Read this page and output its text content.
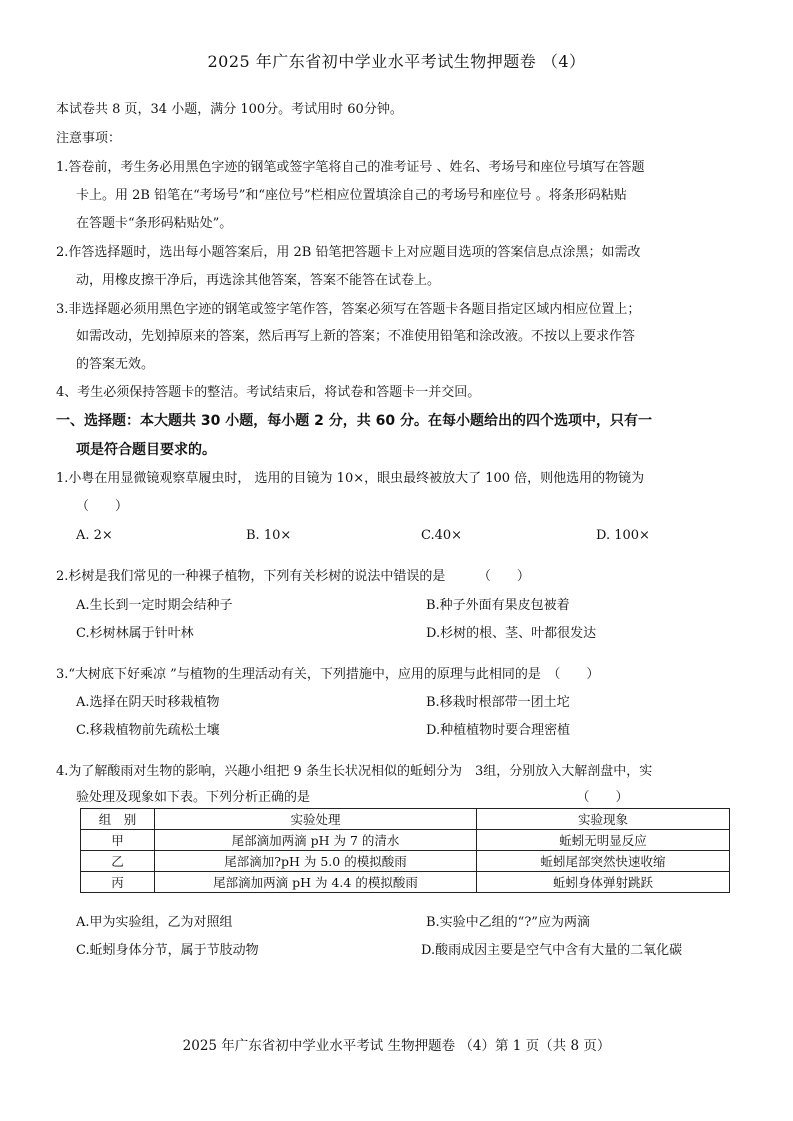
2025 年广东省初中学业水平考试生物押题卷 （4）
本试卷共 8 页，34 小题，满分 100分。考试用时 60分钟。
注意事项：
1.答卷前，考生务必用黑色字迹的钢笔或签字笔将自己的准考证号 、姓名、考场号和座位号填写在答题
卡上。用 2B 铅笔在“考场号”和“座位号”栏相应位置填涂自己的考场号和座位号 。将条形码粘贴
在答题卡“条形码粘贴处”。
2.作答选择题时，选出每小题答案后，用 2B 铅笔把答题卡上对应题目选项的答案信息点涂黑；如需改
动，用橡皮擦干净后，再选涂其他答案，答案不能答在试卷上。
3.非选择题必须用黑色字迹的钢笔或签字笔作答，答案必须写在答题卡各题目指定区域内相应位置上；
如需改动，先划掉原来的答案，然后再写上新的答案；不准使用铅笔和涂改液。不按以上要求作答
的答案无效。
4、考生必须保持答题卡的整洁。考试结束后，将试卷和答题卡一并交回。
一、选择题：本大题共 30 小题，每小题 2 分，共 60 分。在每小题给出的四个选项中，只有一
项是符合题目要求的。
1.小粤在用显微镜观察草履虫时， 选用的目镜为 10×，眼虫最终被放大了 100 倍，则他选用的物镜为
（　　）
A. 2×	B. 10×	C.40×	D. 100×
2.杉树是我们常见的一种裸子植物，下列有关杉树的说法中错误的是　　　（　　）
A.生长到一定时期会结种子	B.种子外面有果皮包被着
C.杉树林属于针叶林	D.杉树的根、茎、叶都很发达
3.“大树底下好乘凉 ”与植物的生理活动有关，下列措施中，应用的原理与此相同的是　（　　）
A.选择在阴天时移栽植物	B.移栽时根部带一团土坨
C.移栽植物前先疏松土壤	D.种植植物时要合理密植
4.为了解酸雨对生物的影响，兴趣小组把 9 条生长状况相似的蚯蚓分为　3组，分别放入大解剖盘中，实
验处理及现象如下表。下列分析正确的是　　　　　　　　　　　　　　　　　　　　　（　　）
组　别	实验处理	实验现象
甲	尾部滴加两滴 pH 为 7 的清水	蚯蚓无明显反应
乙	尾部滴加?pH 为 5.0 的模拟酸雨	蚯蚓尾部突然快速收缩
丙	尾部滴加两滴 pH 为 4.4 的模拟酸雨	蚯蚓身体弹射跳跃
A.甲为实验组，乙为对照组	B.实验中乙组的“?”应为两滴
C.蚯蚓身体分节，属于节肢动物	D.酸雨成因主要是空气中含有大量的二氧化碳
2025 年广东省初中学业水平考试 生物押题卷 （4）第 1 页（共 8 页）
